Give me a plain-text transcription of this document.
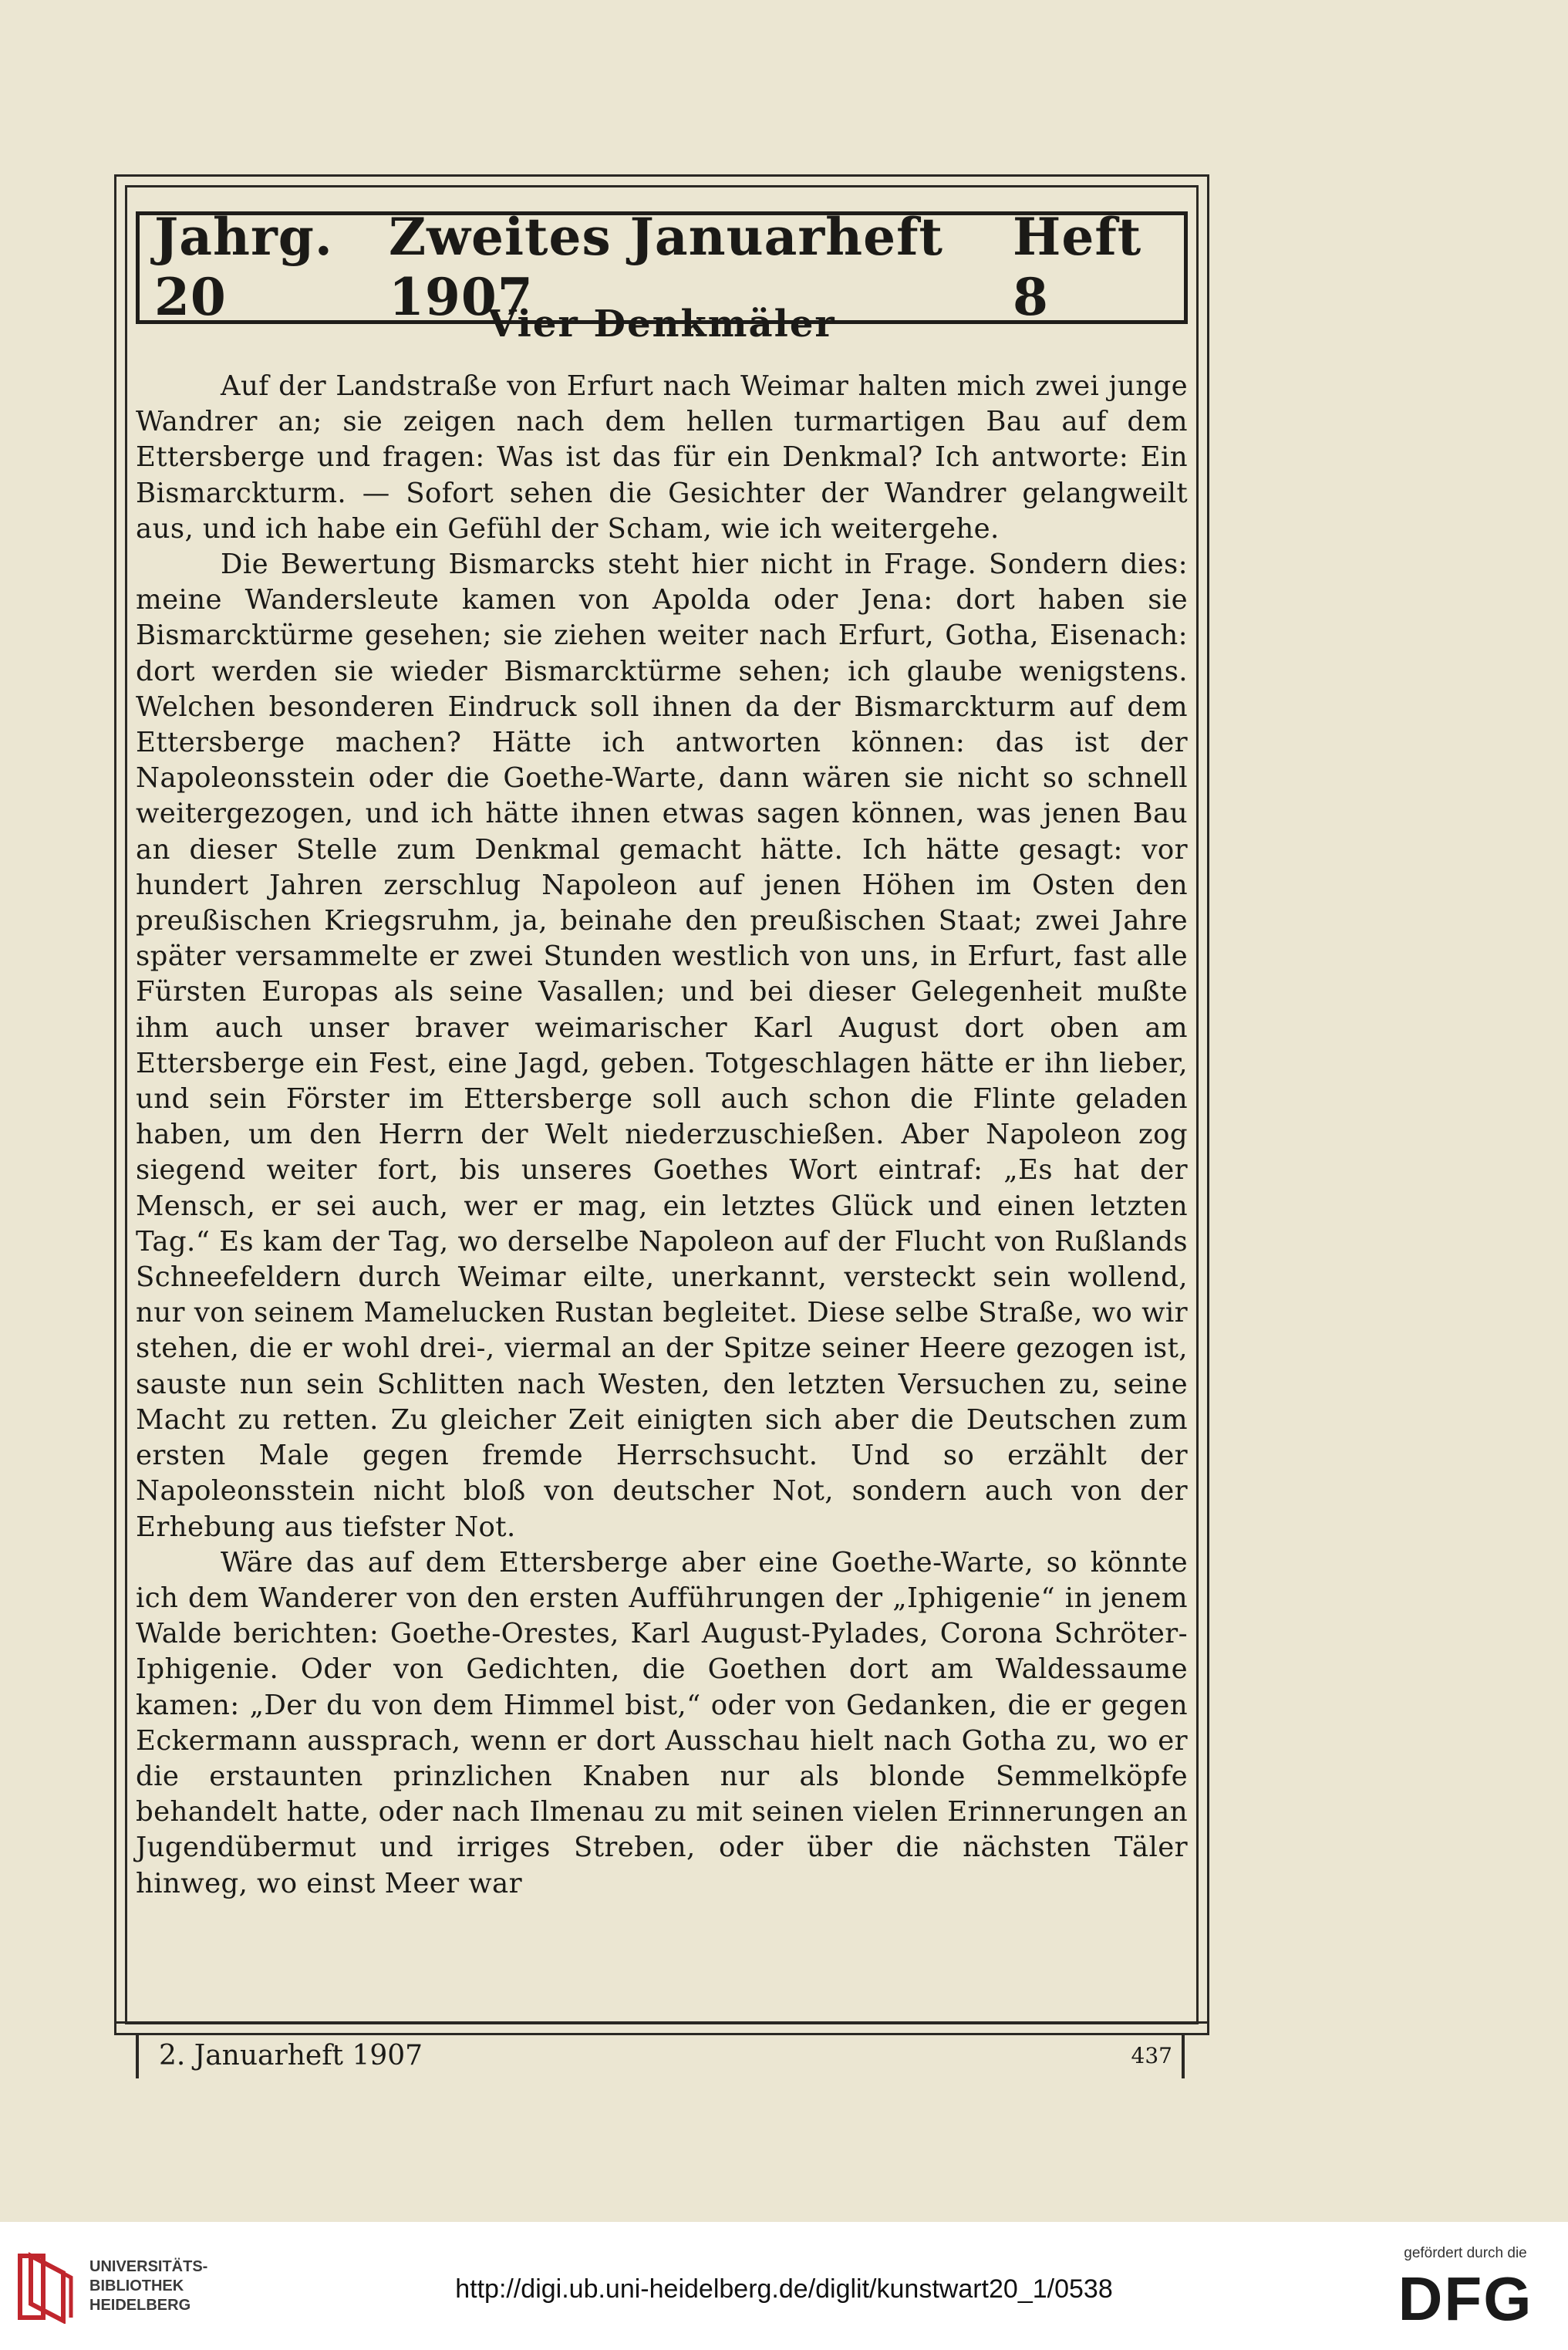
Jahrg. 20
Zweites Januarheft 1907
Heft 8
Vier Denkmäler

Auf der Landstraße von Erfurt nach Weimar halten mich zwei junge Wandrer an; sie zeigen nach dem hellen turmartigen Bau auf dem Ettersberge und fragen: Was ist das für ein Denkmal? Ich antworte: Ein Bismarckturm. — Sofort sehen die Gesichter der Wandrer gelangweilt aus, und ich habe ein Gefühl der Scham, wie ich weitergehe.

Die Bewertung Bismarcks steht hier nicht in Frage. Sondern dies: meine Wandersleute kamen von Apolda oder Jena: dort haben sie Bismarcktürme gesehen; sie ziehen weiter nach Erfurt, Gotha, Eisenach: dort werden sie wieder Bismarcktürme sehen; ich glaube wenigstens. Welchen besonderen Eindruck soll ihnen da der Bismarckturm auf dem Ettersberge machen? Hätte ich antworten können: das ist der Napoleonsstein oder die Goethe-Warte, dann wären sie nicht so schnell weitergezogen, und ich hätte ihnen etwas sagen können, was jenen Bau an dieser Stelle zum Denkmal gemacht hätte. Ich hätte gesagt: vor hundert Jahren zerschlug Napoleon auf jenen Höhen im Osten den preußischen Kriegsruhm, ja, beinahe den preußischen Staat; zwei Jahre später versammelte er zwei Stunden westlich von uns, in Erfurt, fast alle Fürsten Europas als seine Vasallen; und bei dieser Gelegenheit mußte ihm auch unser braver weimarischer Karl August dort oben am Ettersberge ein Fest, eine Jagd, geben. Totgeschlagen hätte er ihn lieber, und sein Förster im Ettersberge soll auch schon die Flinte geladen haben, um den Herrn der Welt niederzuschießen. Aber Napoleon zog siegend weiter fort, bis unseres Goethes Wort eintraf: „Es hat der Mensch, er sei auch, wer er mag, ein letztes Glück und einen letzten Tag.“ Es kam der Tag, wo derselbe Napoleon auf der Flucht von Rußlands Schneefeldern durch Weimar eilte, unerkannt, versteckt sein wollend, nur von seinem Mamelucken Rustan begleitet. Diese selbe Straße, wo wir stehen, die er wohl drei-, viermal an der Spitze seiner Heere gezogen ist, sauste nun sein Schlitten nach Westen, den letzten Versuchen zu, seine Macht zu retten. Zu gleicher Zeit einigten sich aber die Deutschen zum ersten Male gegen fremde Herrschsucht. Und so erzählt der Napoleonsstein nicht bloß von deutscher Not, sondern auch von der Erhebung aus tiefster Not.

Wäre das auf dem Ettersberge aber eine Goethe-Warte, so könnte ich dem Wanderer von den ersten Aufführungen der „Iphigenie“ in jenem Walde berichten: Goethe-Orestes, Karl August-Pylades, Corona Schröter-Iphigenie. Oder von Gedichten, die Goethen dort am Waldessaume kamen: „Der du von dem Himmel bist,“ oder von Gedanken, die er gegen Eckermann aussprach, wenn er dort Ausschau hielt nach Gotha zu, wo er die erstaunten prinzlichen Knaben nur als blonde Semmelköpfe behandelt hatte, oder nach Ilmenau zu mit seinen vielen Erinnerungen an Jugendübermut und irriges Streben, oder über die nächsten Täler hinweg, wo einst Meer war

2. Januarheft 1907	437
UNIVERSITÄTS-
BIBLIOTHEK
HEIDELBERG
http://digi.ub.uni-heidelberg.de/diglit/kunstwart20_1/0538
gefördert durch die
DFG
